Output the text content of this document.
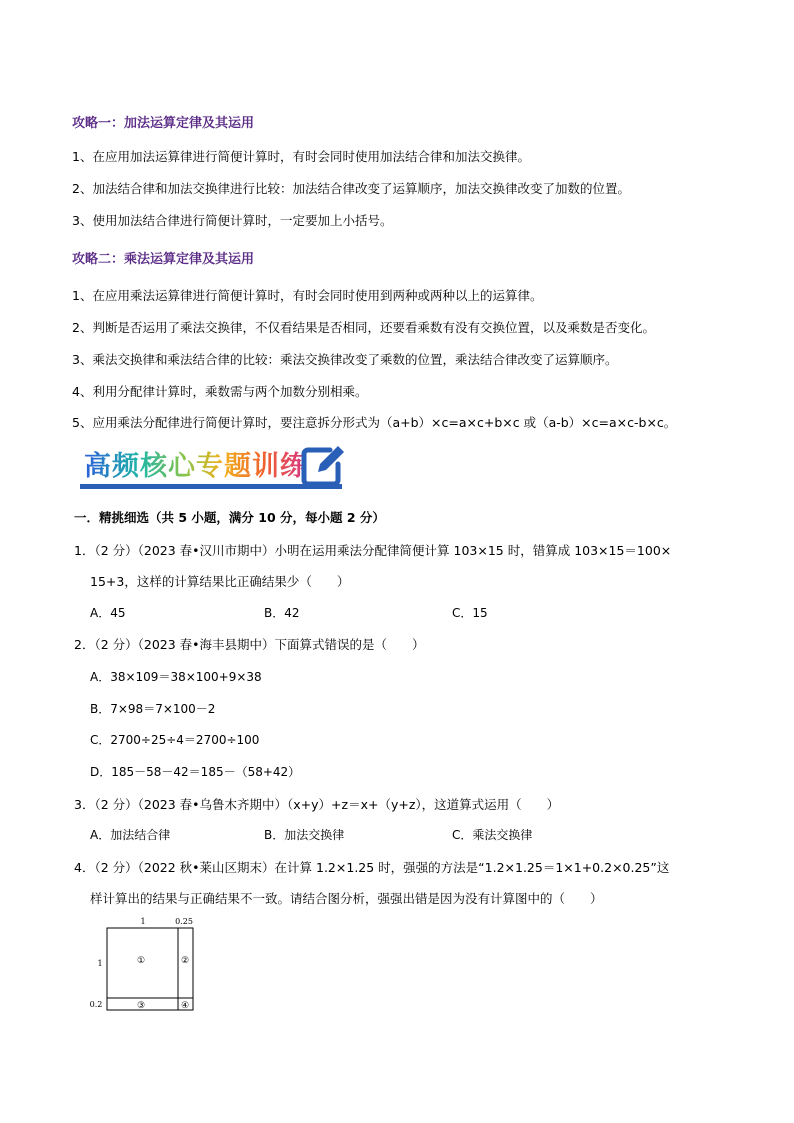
攻略一：加法运算定律及其运用
1、在应用加法运算律进行简便计算时，有时会同时使用加法结合律和加法交换律。
2、加法结合律和加法交换律进行比较：加法结合律改变了运算顺序，加法交换律改变了加数的位置。
3、使用加法结合律进行简便计算时，一定要加上小括号。
攻略二：乘法运算定律及其运用
1、在应用乘法运算律进行简便计算时，有时会同时使用到两种或两种以上的运算律。
2、判断是否运用了乘法交换律，不仅看结果是否相同，还要看乘数有没有交换位置，以及乘数是否变化。
3、乘法交换律和乘法结合律的比较：乘法交换律改变了乘数的位置，乘法结合律改变了运算顺序。
4、利用分配律计算时，乘数需与两个加数分别相乘。
5、应用乘法分配律进行简便计算时，要注意拆分形式为（a+b）×c=a×c+b×c 或（a-b）×c=a×c-b×c。
高频核心专题训练
一．精挑细选（共 5 小题，满分 10 分，每小题 2 分）
1．（2 分）（2023 春•汉川市期中）小明在运用乘法分配律简便计算 103×15 时，错算成 103×15＝100×
15+3，这样的计算结果比正确结果少（　　）
A．45	B．42	C．15
2．（2 分）（2023 春•海丰县期中）下面算式错误的是（　　）
A．38×109＝38×100+9×38
B．7×98＝7×100－2
C．2700÷25÷4＝2700÷100
D．185－58－42＝185－（58+42）
3．（2 分）（2023 春•乌鲁木齐期中）（x+y）+z＝x+（y+z），这道算式运用（　　）
A．加法结合律	B．加法交换律	C．乘法交换律
4．（2 分）（2022 秋•莱山区期末）在计算 1.2×1.25 时，强强的方法是“1.2×1.25＝1×1+0.2×0.25”这
样计算出的结果与正确结果不一致。请结合图分析，强强出错是因为没有计算图中的（　　）
1	0.25
1
0.2
①	②
③	④
